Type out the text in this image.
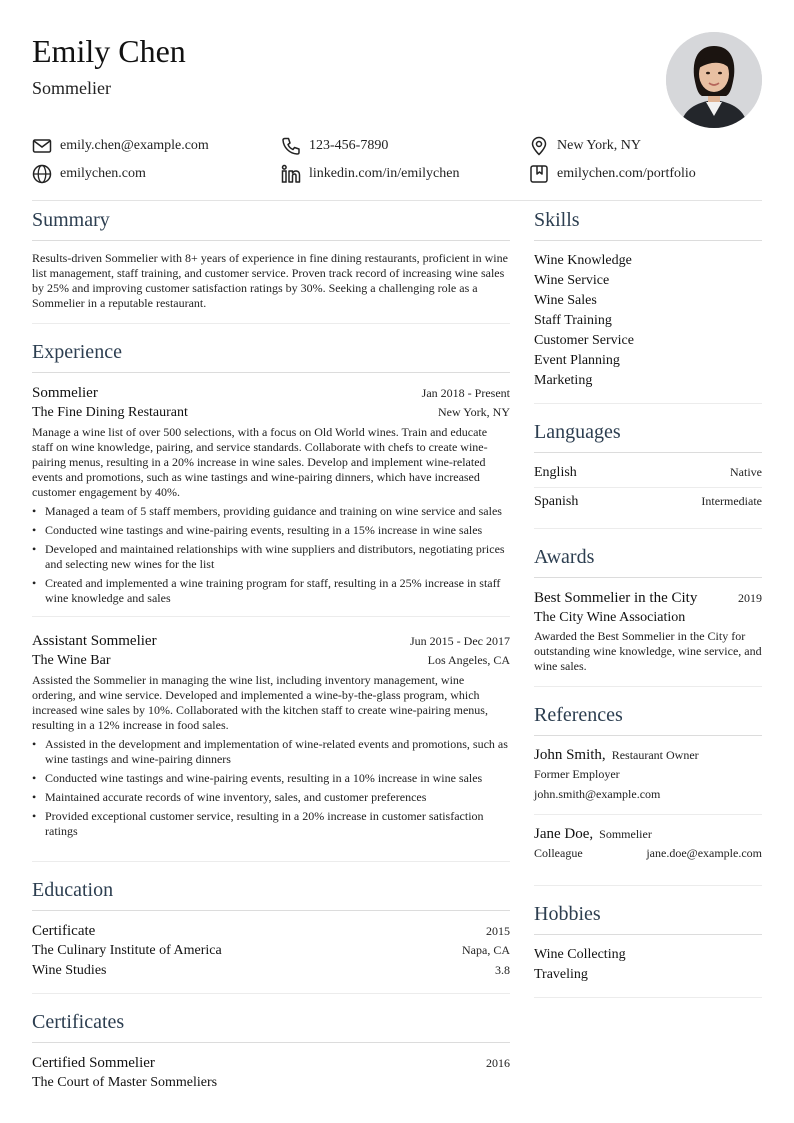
Emily Chen
Sommelier
emily.chen@example.com	123-456-7890	New York, NY
emilychen.com	linkedin.com/in/emilychen	emilychen.com/portfolio
Summary

Results-driven Sommelier with 8+ years of experience in fine dining restaurants, proficient in wine list management, staff training, and customer service. Proven track record of increasing wine sales by 25% and improving customer satisfaction ratings by 30%. Seeking a challenging role as a Sommelier in a reputable restaurant.

Experience
Sommelier	Jan 2018 - Present
The Fine Dining Restaurant	New York, NY

Manage a wine list of over 500 selections, with a focus on Old World wines. Train and educate staff on wine knowledge, pairing, and service standards. Collaborate with chefs to create wine-pairing menus, resulting in a 20% increase in wine sales. Develop and implement wine-related events and promotions, such as wine tastings and wine-pairing dinners, which have increased customer engagement by 40%.

• Managed a team of 5 staff members, providing guidance and training on wine service and sales
• Conducted wine tastings and wine-pairing events, resulting in a 15% increase in wine sales
• Developed and maintained relationships with wine suppliers and distributors, negotiating prices and selecting new wines for the list
• Created and implemented a wine training program for staff, resulting in a 25% increase in staff wine knowledge and sales
Assistant Sommelier	Jun 2015 - Dec 2017
The Wine Bar	Los Angeles, CA

Assisted the Sommelier in managing the wine list, including inventory management, wine ordering, and wine service. Developed and implemented a wine-by-the-glass program, which increased wine sales by 10%. Collaborated with the kitchen staff to create wine-pairing menus, resulting in a 12% increase in food sales.

• Assisted in the development and implementation of wine-related events and promotions, such as wine tastings and wine-pairing dinners
• Conducted wine tastings and wine-pairing events, resulting in a 10% increase in wine sales
• Maintained accurate records of wine inventory, sales, and customer preferences
• Provided exceptional customer service, resulting in a 20% increase in customer satisfaction ratings
Education
Certificate	2015
The Culinary Institute of America	Napa, CA
Wine Studies	3.8
Certificates
Certified Sommelier	2016
The Court of Master Sommeliers
Skills
Wine Knowledge
Wine Service
Wine Sales
Staff Training
Customer Service
Event Planning
Marketing
Languages
English	Native
Spanish	Intermediate
Awards
Best Sommelier in the City	2019
The City Wine Association

Awarded the Best Sommelier in the City for outstanding wine knowledge, wine service, and wine sales.

References
John Smith, Restaurant Owner
Former Employer
john.smith@example.com
Jane Doe, Sommelier
Colleague	jane.doe@example.com
Hobbies
Wine Collecting
Traveling
